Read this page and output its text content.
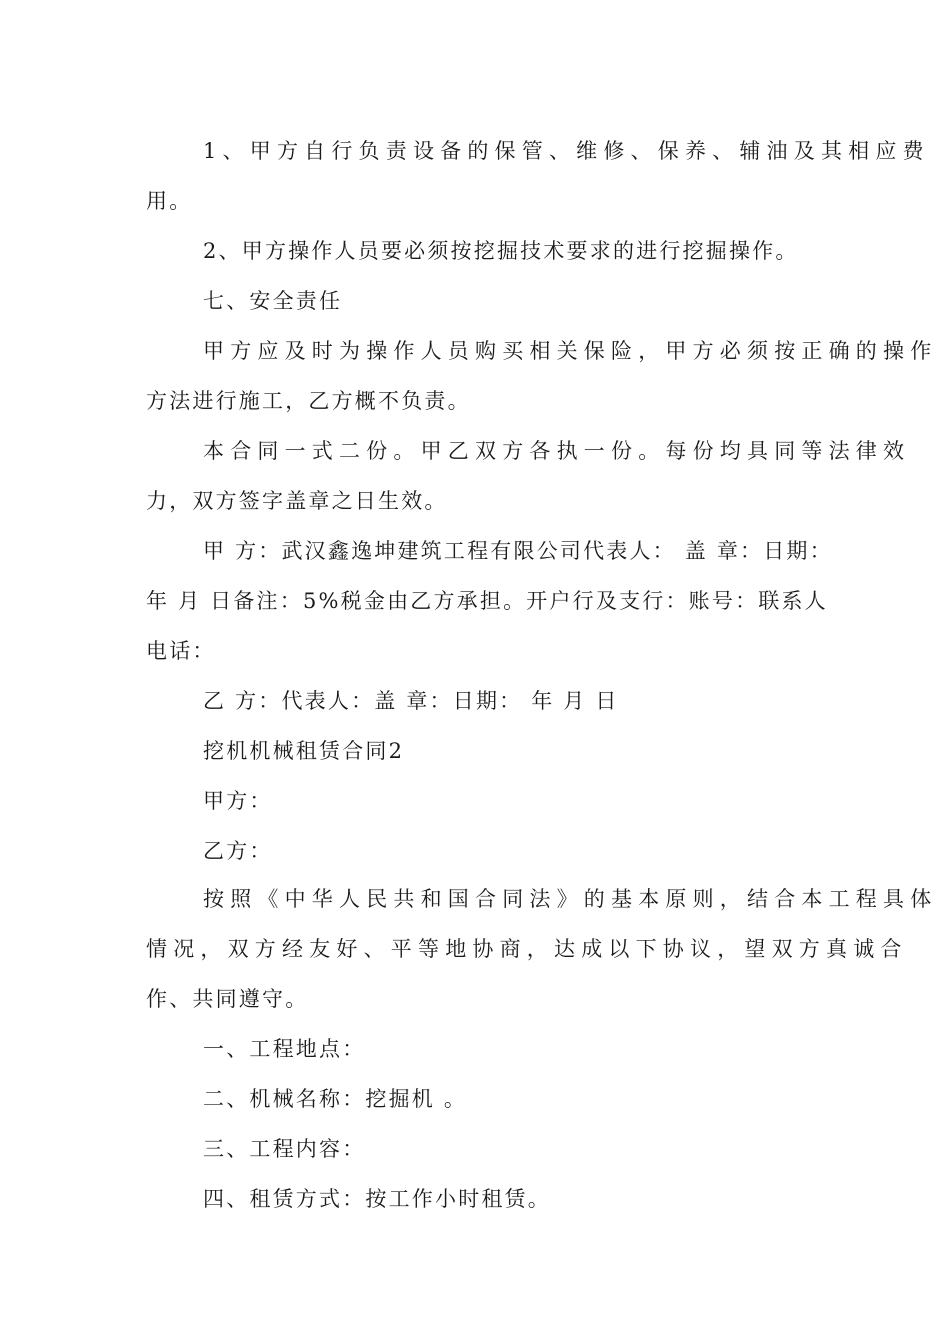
1、甲方自行负责设备的保管、维修、保养、辅油及其相应费
用。
2、甲方操作人员要必须按挖掘技术要求的进行挖掘操作。
七、安全责任
甲方应及时为操作人员购买相关保险，甲方必须按正确的操作
方法进行施工，乙方概不负责。
本合同一式二份。甲乙双方各执一份。每份均具同等法律效
力，双方签字盖章之日生效。
甲 方：武汉鑫逸坤建筑工程有限公司代表人： 盖 章：日期：
年 月 日备注：5%税金由乙方承担。开户行及支行：账号：联系人
电话：
乙 方：代表人：盖 章：日期： 年 月 日
挖机机械租赁合同2
甲方：
乙方：
按照《中华人民共和国合同法》的基本原则，结合本工程具体
情况，双方经友好、平等地协商，达成以下协议，望双方真诚合
作、共同遵守。
一、工程地点：
二、机械名称：挖掘机 。
三、工程内容：
四、租赁方式：按工作小时租赁。
